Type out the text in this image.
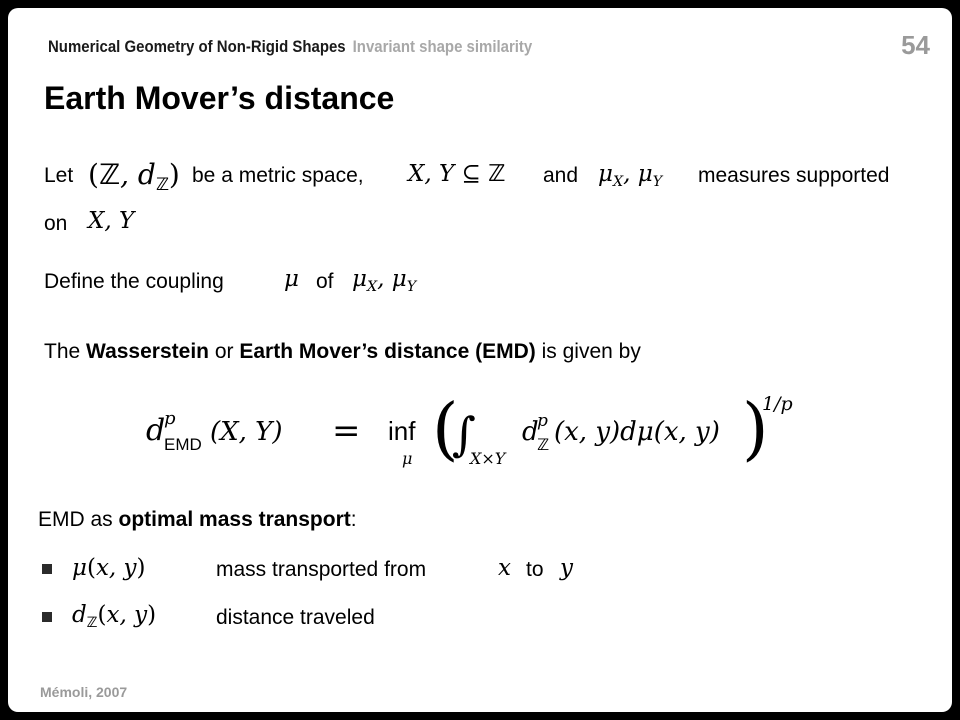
Numerical Geometry of Non-Rigid Shapes Invariant shape similarity	54
Earth Mover’s distance
Let (ℤ, $d_ℤ$) be a metric space, X, Y ⊆ ℤ and $\mu_X$, $\mu_Y$ measures supported
on X, Y
Define the coupling	μ of $\mu_X$, $\mu_Y$
The Wasserstein or Earth Mover’s distance (EMD) is given by
d
p
EMD (X, Y) = inf
μ (
∫
X×Y
d
p
ℤ (x, y)dμ(x, y) )
1/p
EMD as optimal mass transport:
μ(x, y)	mass transported from	x to y
$d_ℤ(x$, y)	distance traveled
Mémoli, 2007
